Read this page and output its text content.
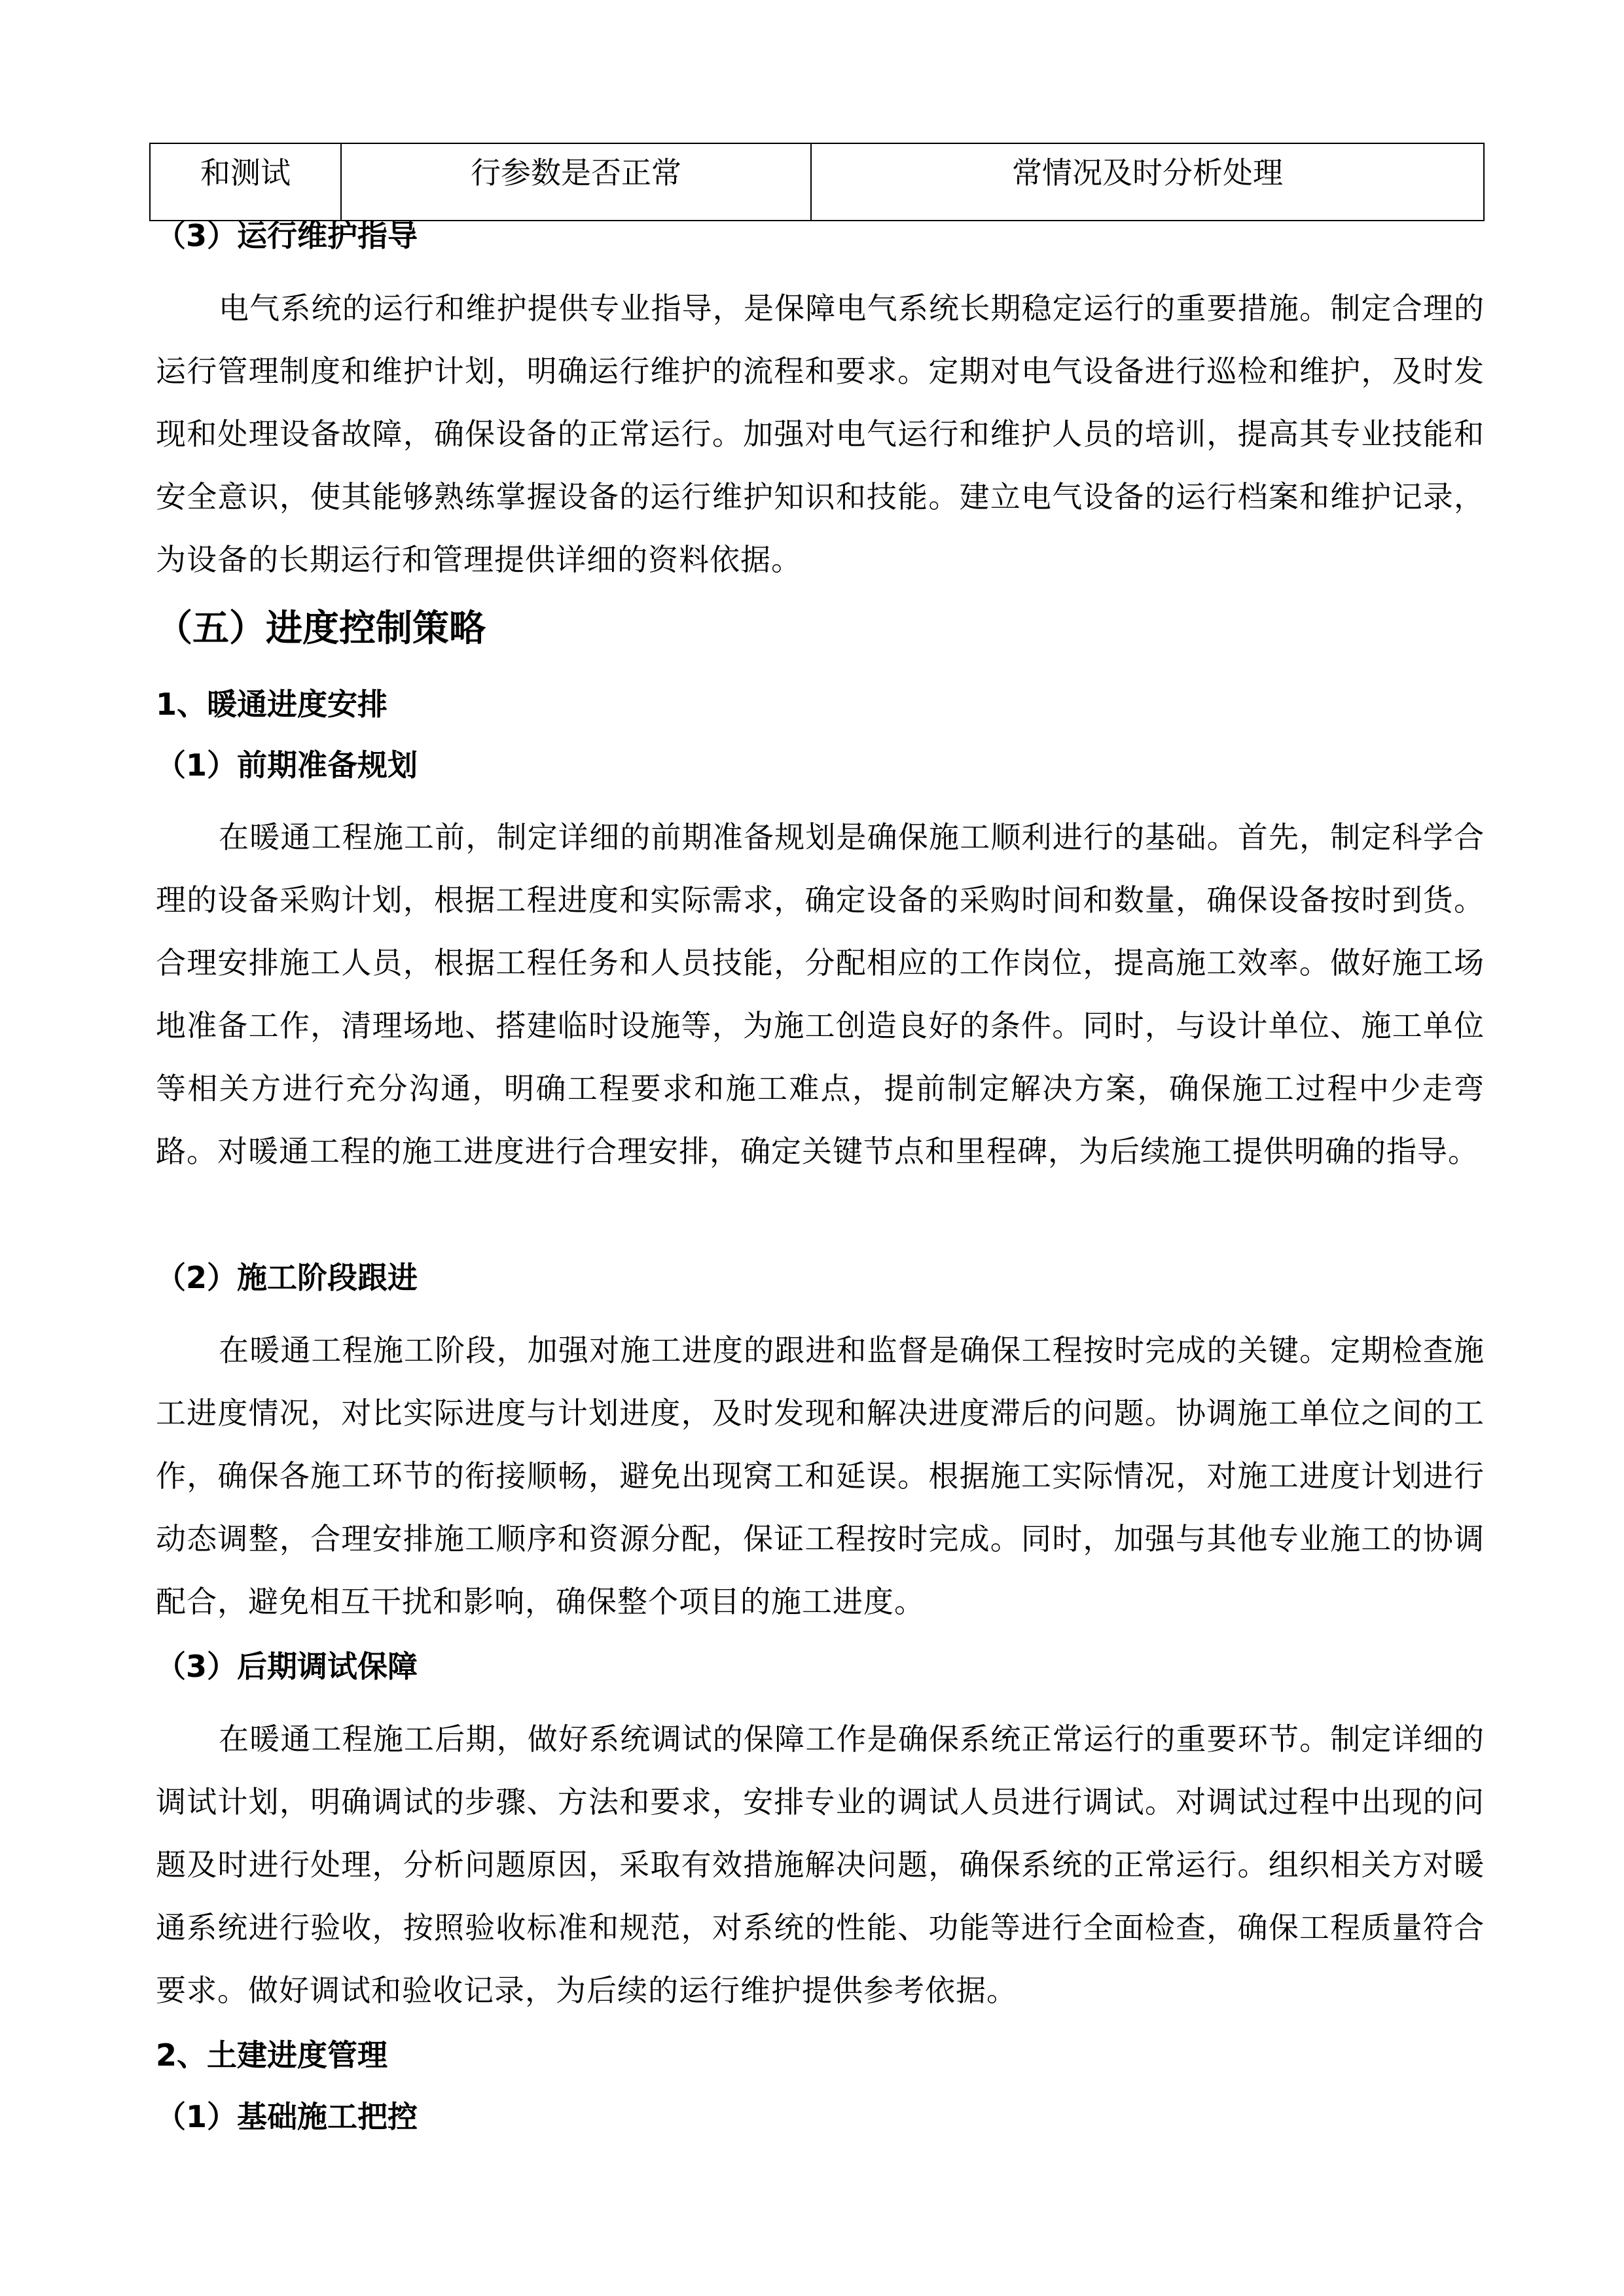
和测试	行参数是否正常	常情况及时分析处理
（3）运行维护指导

电气系统的运行和维护提供专业指导，是保障电气系统长期稳定运行的重要措施。制定合理的运行管理制度和维护计划，明确运行维护的流程和要求。定期对电气设备进行巡检和维护，及时发现和处理设备故障，确保设备的正常运行。加强对电气运行和维护人员的培训，提高其专业技能和安全意识，使其能够熟练掌握设备的运行维护知识和技能。建立电气设备的运行档案和维护记录，为设备的长期运行和管理提供详细的资料依据。

（五）进度控制策略
1、暖通进度安排
（1）前期准备规划

在暖通工程施工前，制定详细的前期准备规划是确保施工顺利进行的基础。首先，制定科学合理的设备采购计划，根据工程进度和实际需求，确定设备的采购时间和数量，确保设备按时到货。合理安排施工人员，根据工程任务和人员技能，分配相应的工作岗位，提高施工效率。做好施工场地准备工作，清理场地、搭建临时设施等，为施工创造良好的条件。同时，与设计单位、施工单位等相关方进行充分沟通，明确工程要求和施工难点，提前制定解决方案，确保施工过程中少走弯路。对暖通工程的施工进度进行合理安排，确定关键节点和里程碑，为后续施工提供明确的指导。

（2）施工阶段跟进

在暖通工程施工阶段，加强对施工进度的跟进和监督是确保工程按时完成的关键。定期检查施工进度情况，对比实际进度与计划进度，及时发现和解决进度滞后的问题。协调施工单位之间的工作，确保各施工环节的衔接顺畅，避免出现窝工和延误。根据施工实际情况，对施工进度计划进行动态调整，合理安排施工顺序和资源分配，保证工程按时完成。同时，加强与其他专业施工的协调配合，避免相互干扰和影响，确保整个项目的施工进度。

（3）后期调试保障

在暖通工程施工后期，做好系统调试的保障工作是确保系统正常运行的重要环节。制定详细的调试计划，明确调试的步骤、方法和要求，安排专业的调试人员进行调试。对调试过程中出现的问题及时进行处理，分析问题原因，采取有效措施解决问题，确保系统的正常运行。组织相关方对暖通系统进行验收，按照验收标准和规范，对系统的性能、功能等进行全面检查，确保工程质量符合要求。做好调试和验收记录，为后续的运行维护提供参考依据。

2、土建进度管理
（1）基础施工把控
